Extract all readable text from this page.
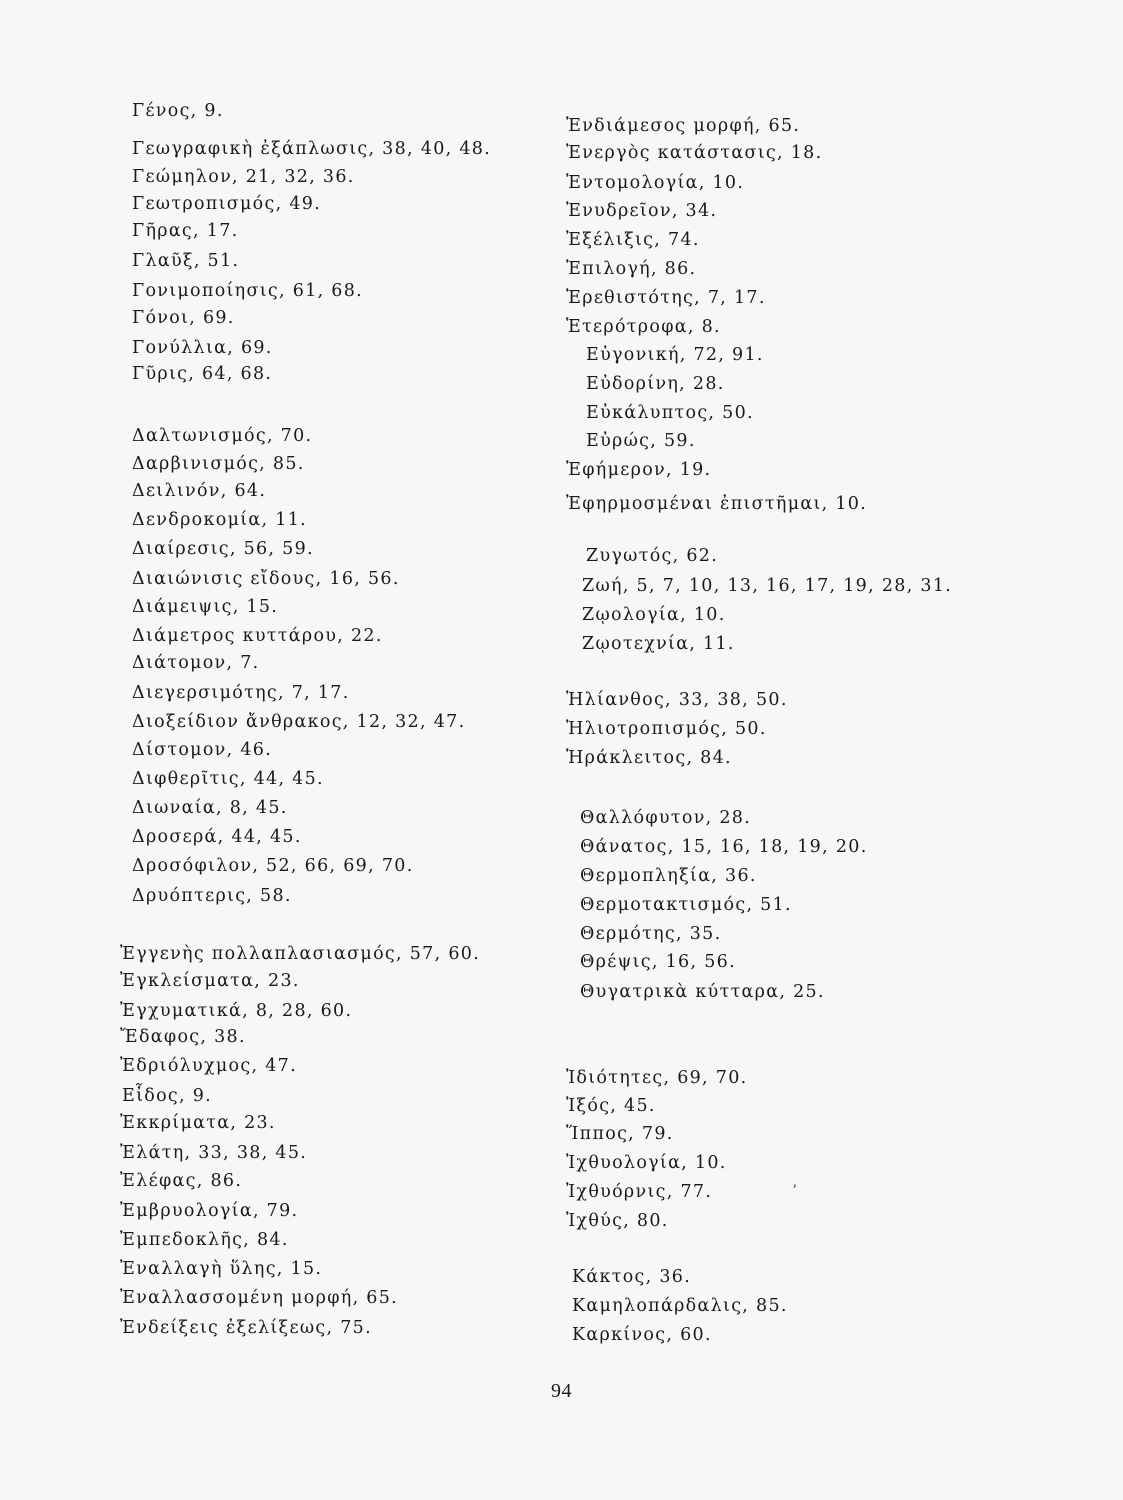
Γένος, 9.
Γεωγραφικὴ ἐξάπλωσις, 38, 40, 48.
Γεώμηλον, 21, 32, 36.
Γεωτροπισμός, 49.
Γῆρας, 17.
Γλαῦξ, 51.
Γονιμοποίησις, 61, 68.
Γόνοι, 69.
Γονύλλια, 69.
Γῦρις, 64, 68.
Δαλτωνισμός, 70.
Δαρβινισμός, 85.
Δειλινόν, 64.
Δενδροκομία, 11.
Διαίρεσις, 56, 59.
Διαιώνισις εἴδους, 16, 56.
Διάμειψις, 15.
Διάμετρος κυττάρου, 22.
Διάτομον, 7.
Διεγερσιμότης, 7, 17.
Διοξείδιον ἄνθρακος, 12, 32, 47.
Δίστομον, 46.
Διφθερῖτις, 44, 45.
Διωναία, 8, 45.
Δροσερά, 44, 45.
Δροσόφιλον, 52, 66, 69, 70.
Δρυόπτερις, 58.
Ἐγγενὴς πολλαπλασιασμός, 57, 60.
Ἐγκλείσματα, 23.
Ἐγχυματικά, 8, 28, 60.
Ἔδαφος, 38.
Ἐδριόλυχμος, 47.
Εἶδος, 9.
Ἐκκρίματα, 23.
Ἐλάτη, 33, 38, 45.
Ἐλέφας, 86.
Ἐμβρυολογία, 79.
Ἐμπεδοκλῆς, 84.
Ἐναλλαγὴ ὕλης, 15.
Ἐναλλασσομένη μορφή, 65.
Ἐνδείξεις ἐξελίξεως, 75.
Ἐνδιάμεσος μορφή, 65.
Ἐνεργὸς κατάστασις, 18.
Ἐντομολογία, 10.
Ἐνυδρεῖον, 34.
Ἐξέλιξις, 74.
Ἐπιλογή, 86.
Ἐρεθιστότης, 7, 17.
Ἑτερότροφα, 8.
Εὐγονική, 72, 91.
Εὐδορίνη, 28.
Εὐκάλυπτος, 50.
Εὐρώς, 59.
Ἐφήμερον, 19.
Ἐφηρμοσμέναι ἐπιστῆμαι, 10.
Ζυγωτός, 62.
Ζωή, 5, 7, 10, 13, 16, 17, 19, 28, 31.
Ζῳολογία, 10.
Ζῳοτεχνία, 11.
Ἡλίανθος, 33, 38, 50.
Ἡλιοτροπισμός, 50.
Ἡράκλειτος, 84.
Θαλλόφυτον, 28.
Θάνατος, 15, 16, 18, 19, 20.
Θερμοπληξία, 36.
Θερμοτακτισμός, 51.
Θερμότης, 35.
Θρέψις, 16, 56.
Θυγατρικὰ κύτταρα, 25.
Ἰδιότητες, 69, 70.
Ἰξός, 45.
Ἵππος, 79.
Ἰχθυολογία, 10.
Ἰχθυόρνις, 77.
Ἰχθύς, 80.
Κάκτος, 36.
Καμηλοπάρδαλις, 85.
Καρκίνος, 60.
ʼ
94
